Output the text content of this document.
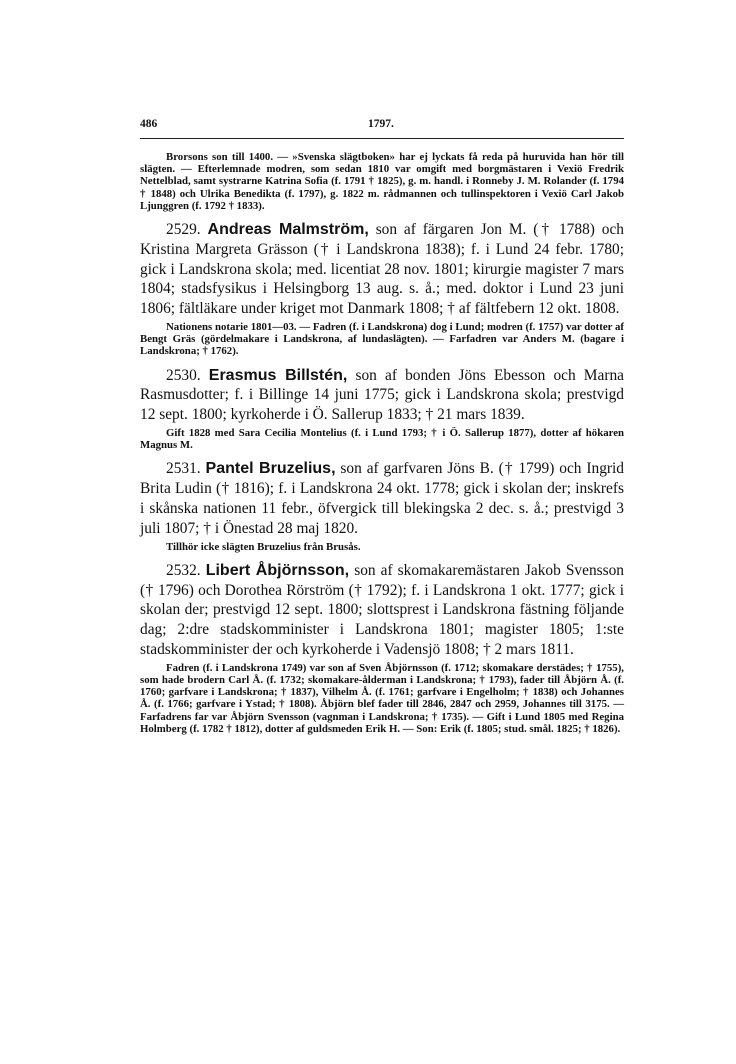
486	1797.

Brorsons son till 1400. — »Svenska slägtboken» har ej lyckats få reda på huruvida han hör till slägten. — Efterlemnade modren, som sedan 1810 var omgift med borgmästaren i Vexiö Fredrik Nettelblad, samt systrarne Katrina Sofia (f. 1791 † 1825), g. m. handl. i Ronneby J. M. Rolander (f. 1794 † 1848) och Ulrika Benedikta (f. 1797), g. 1822 m. rådmannen och tullinspektoren i Vexiö Carl Jakob Ljunggren (f. 1792 † 1833).

2529. Andreas Malmström, son af färgaren Jon M. († 1788) och Kristina Margreta Grässon († i Landskrona 1838); f. i Lund 24 febr. 1780; gick i Landskrona skola; med. licentiat 28 nov. 1801; kirurgie magister 7 mars 1804; stadsfysikus i Helsingborg 13 aug. s. å.; med. doktor i Lund 23 juni 1806; fältläkare under kriget mot Danmark 1808; † af fältfebern 12 okt. 1808.

Nationens notarie 1801—03. — Fadren (f. i Landskrona) dog i Lund; modren (f. 1757) var dotter af Bengt Gräs (gördelmakare i Landskrona, af lundaslägten). — Farfadren var Anders M. (bagare i Landskrona; † 1762).

2530. Erasmus Billstén, son af bonden Jöns Ebesson och Marna Rasmusdotter; f. i Billinge 14 juni 1775; gick i Landskrona skola; prestvigd 12 sept. 1800; kyrkoherde i Ö. Sallerup 1833; † 21 mars 1839.

Gift 1828 med Sara Cecilia Montelius (f. i Lund 1793; † i Ö. Sallerup 1877), dotter af hökaren Magnus M.

2531. Pantel Bruzelius, son af garfvaren Jöns B. († 1799) och Ingrid Brita Ludin († 1816); f. i Landskrona 24 okt. 1778; gick i skolan der; inskrefs i skånska nationen 11 febr., öfvergick till blekingska 2 dec. s. å.; prestvigd 3 juli 1807; † i Önestad 28 maj 1820.

Tillhör icke slägten Bruzelius från Brusås.

2532. Libert Åbjörnsson, son af skomakaremästaren Jakob Svensson († 1796) och Dorothea Rörström († 1792); f. i Landskrona 1 okt. 1777; gick i skolan der; prestvigd 12 sept. 1800; slottsprest i Landskrona fästning följande dag; 2:dre stadskomminister i Landskrona 1801; magister 1805; 1:ste stadskomminister der och kyrkoherde i Vadensjö 1808; † 2 mars 1811.

Fadren (f. i Landskrona 1749) var son af Sven Åbjörnsson (f. 1712; skomakare derstädes; † 1755), som hade brodern Carl Å. (f. 1732; skomakare-ålderman i Landskrona; † 1793), fader till Åbjörn Å. (f. 1760; garfvare i Landskrona; † 1837), Vilhelm Å. (f. 1761; garfvare i Engelholm; † 1838) och Johannes Å. (f. 1766; garfvare i Ystad; † 1808). Åbjörn blef fader till 2846, 2847 och 2959, Johannes till 3175. — Farfadrens far var Åbjörn Svensson (vagnman i Landskrona; † 1735). — Gift i Lund 1805 med Regina Holmberg (f. 1782 † 1812), dotter af guldsmeden Erik H. — Son: Erik (f. 1805; stud. smål. 1825; † 1826).
